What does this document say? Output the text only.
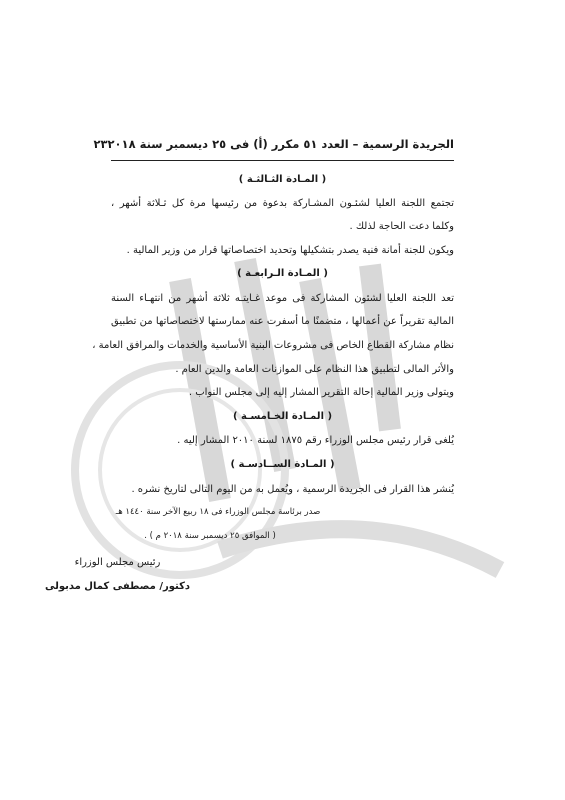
الجريدة الرسمية – العدد ٥١ مكرر (أ) فى ٢٥ ديسمبر سنة ٢٠١٨
٢٣
( المـادة الثـالثـة )
تجتمع اللجنة العليا لشئـون المشـاركة بدعوة من رئيسها مرة كل ثـلاثة أشهر ،
وكلما دعت الحاجة لذلك .
ويكون للجنة أمانة فنية يصدر بتشكيلها وتحديد اختصاصاتها قرار من وزير المالية .
( المـادة الـرابعـة )
تعد اللجنة العليا لشئون المشاركة فى موعد غـايتـه ثلاثة أشهر من انتهـاء السنة
المالية تقريراً عن أعمالها ، متضمنًا ما أسفرت عنه ممارستها لاختصاصاتها من تطبيق
نظام مشاركة القطاع الخاص فى مشروعات البنية الأساسية والخدمات والمرافق العامة ،
والأثر المالى لتطبيق هذا النظام على الموازنات العامة والدين العام .
ويتولى وزير المالية إحالة التقرير المشار إليه إلى مجلس النواب .
( المـادة الخـامسـة )
يُلغى قرار رئيس مجلس الوزراء رقم ١٨٧٥ لسنة ٢٠١٠ المشار إليه .
( المـادة الســادسـة )
يُنشر هذا القرار فى الجريدة الرسمية ، ويُعمل به من اليوم التالى لتاريخ نشره .
صدر برئاسة مجلس الوزراء فى ١٨ ربيع الآخر سنة ١٤٤٠ هـ
( الموافق ٢٥ ديسمبر سنة ٢٠١٨ م ) .
رئيس مجلس الوزراء
دكتور/ مصطفى كمال مدبولى
